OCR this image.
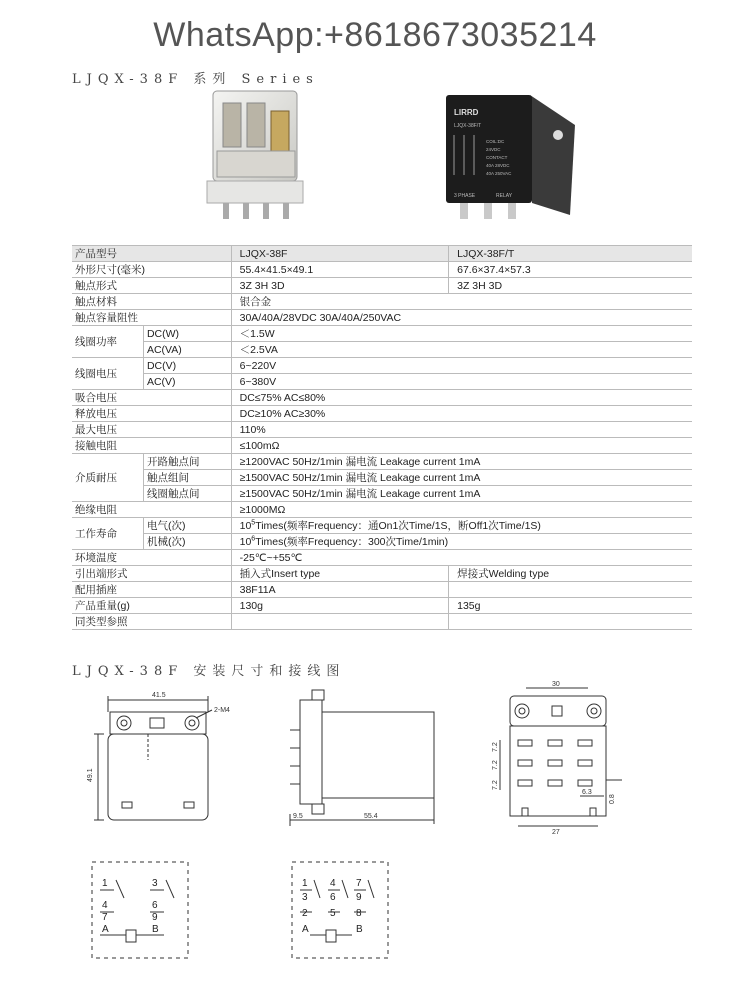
WhatsApp:+8618673035214
LJQX-38F 系列 Series
LIRRD
LJQX-38F/T
COIL:DC
24VDC
CONTACT
40A 28VDC
40A 250VAC
3 PHASE	RELAY
产品型号		LJQX-38F	LJQX-38F/T
外形尺寸(毫米)		55.4×41.5×49.1	67.6×37.4×57.3
触点形式		3Z 3H 3D	3Z 3H 3D
触点材料		银合金	
触点容量阻性		30A/40A/28VDC 30A/40A/250VAC	
线圈功率	DC(W)	＜1.5W	
	AC(VA)	＜2.5VA	
线圈电压	DC(V)	6~220V	
	AC(V)	6~380V	
吸合电压		DC≤75% AC≤80%	
释放电压		DC≥10% AC≥30%	
最大电压		110%	
接触电阻		≤100mΩ	
介质耐压	开路触点间	≥1200VAC 50Hz/1min 漏电流 Leakage current 1mA	
	触点组间	≥1500VAC 50Hz/1min 漏电流 Leakage current 1mA	
	线圈触点间	≥1500VAC 50Hz/1min 漏电流 Leakage current 1mA	
绝缘电阻		≥1000MΩ	
工作寿命	电气(次)	$10^5Times$(频率Frequency：通On1次Time/1S，断Off1次Time/1S)	
	机械(次)	$10^6Times$(频率Frequency：300次Time/1min)	
环境温度		-25℃~+55℃	
引出端形式		插入式Insert type	焊接式Welding type
配用插座		38F11A	
产品重量(g)		130g	135g
同类型参照			
LJQX-38F 安装尺寸和接线图
41.5
2-M4
49.1
9.5	55.4
30
27
7.2
7.2
7.2
6.3
0.8
1
4
7
3
6
9
A	B
1 4 7
3 6 9
2 5 8
A	B
